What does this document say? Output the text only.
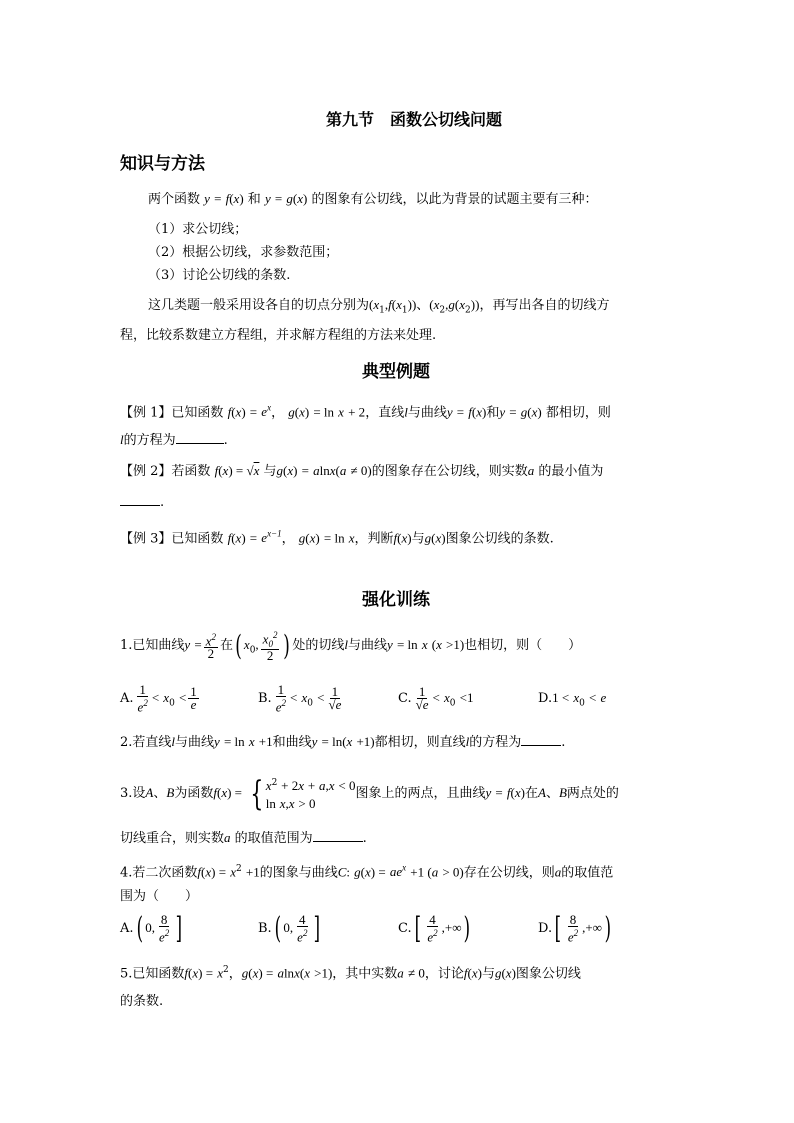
第九节　函数公切线问题
知识与方法
两个函数 y = f(x) 和 y = g(x) 的图象有公切线，以此为背景的试题主要有三种：
（1）求公切线；
（2）根据公切线，求参数范围；
（3）讨论公切线的条数.
这几类题一般采用设各自的切点分别为$(x_1,f(x_1))$、$(x_2,g(x_2))$，再写出各自的切线方
程，比较系数建立方程组，并求解方程组的方法来处理.
典型例题
【例 1】已知函数 $f(x) = e^x$， g(x) = ln x + 2，直线l与曲线y = f(x)和y = g(x) 都相切，则
l的方程为	.
【例 2】若函数 f(x) = √x 与g(x) = alnx(a ≠ 0)的图象存在公切线，则实数a 的最小值为
.
【例 3】已知函数 $f(x) = e^{x-1}$， g(x) = ln x，判断f(x)与g(x)图象公切线的条数.
强化训练
1.已知曲线$y = \frac{x^2}{2}$ 在( $x_0$, $\frac{x_0^2}{2}$ ) 处的切线l与曲线y = ln x (x >1)也相切，则（　　）
A. $\frac{1}{e^2} < x_0 < \frac{1}{e}$	B. $\frac{1}{e^2} < x_0 < \frac{1}{√e}$	C. $\frac{1}{√e} < x_0 <1$	$D.1 < x_0 < e$
2.若直线l与曲线y = ln x +1和曲线y = ln(x +1)都相切，则直线l的方程为	.
3.设A、B为函数f(x) = { $x^2 + 2x + a,x < 0$
ln x,x > 0
图象上的两点，且曲线y = f(x)在A、B两点处的
切线重合，则实数a 的取值范围为	.
4.若二次函数$f(x) = x^2 +1$的图象与曲线C: $g(x) = ae^x +1$ (a > 0)存在公切线，则a的取值范
围为（　　）
A.( 0, $\frac{8}{e^2}$ ]	B.( 0, $\frac{4}{e^2}$ ]	$C.[ \frac{4}{e^2}$ ,+∞)	$D.[ \frac{8}{e^2}$ ,+∞)
5.已知函数$f(x) = x^2$，g(x) = alnx(x >1)，其中实数a ≠ 0，讨论f(x)与g(x)图象公切线
的条数.
